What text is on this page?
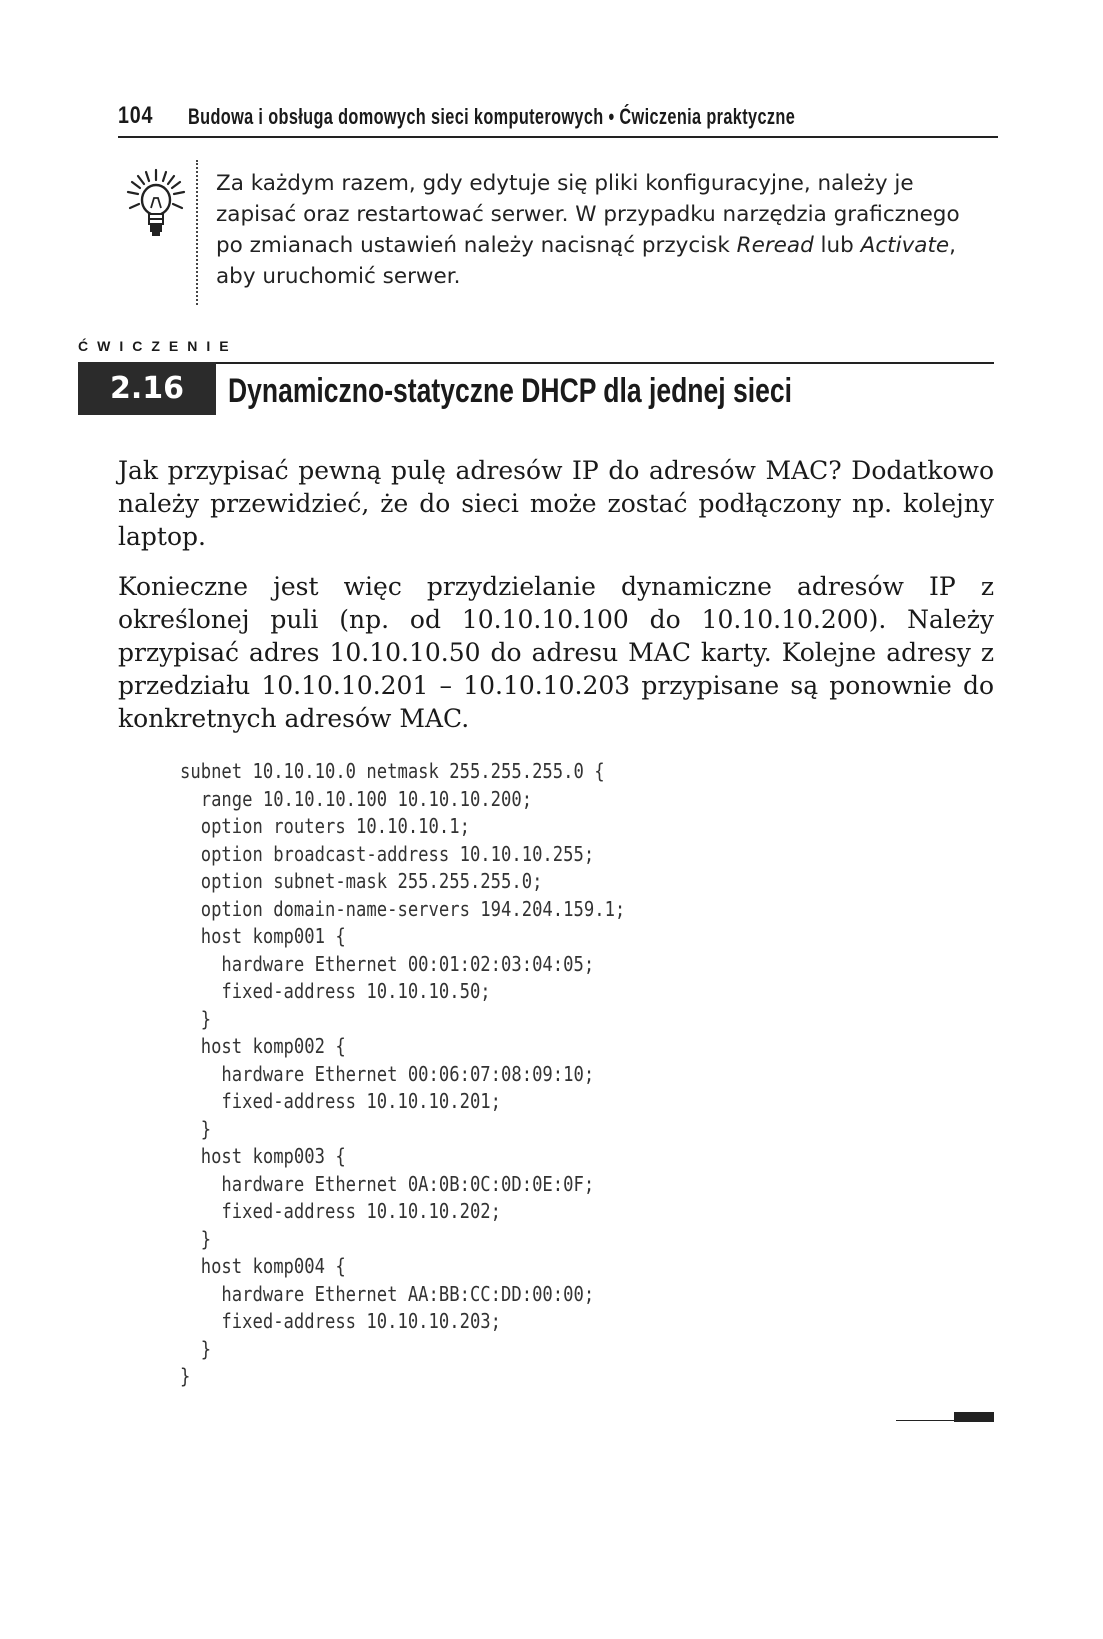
104 Budowa i obsługa domowych sieci komputerowych • Ćwiczenia praktyczne
Za każdym razem, gdy edytuje się pliki konfiguracyjne, należy je zapisać oraz restartować serwer. W przypadku narzędzia graficznego po zmianach ustawień należy nacisnąć przycisk Reread lub Activate, aby uruchomić serwer.
ĆWICZENIE
2.16	Dynamiczno-statyczne DHCP dla jednej sieci

Jak przypisać pewną pulę adresów IP do adresów MAC? Dodatkowo należy przewidzieć, że do sieci może zostać podłączony np. kolejny laptop.

Konieczne jest więc przydzielanie dynamiczne adresów IP z określonej puli (np. od 10.10.10.100 do 10.10.10.200). Należy przypisać adres 10.10.10.50 do adresu MAC karty. Kolejne adresy z przedziału 10.10.10.201 – 10.10.10.203 przypisane są ponownie do konkretnych adresów MAC.

subnet 10.10.10.0 netmask 255.255.255.0 {
range 10.10.10.100 10.10.10.200;
option routers 10.10.10.1;
option broadcast-address 10.10.10.255;
option subnet-mask 255.255.255.0;
option domain-name-servers 194.204.159.1;
host komp001 {
hardware Ethernet 00:01:02:03:04:05;
fixed-address 10.10.10.50;
}
host komp002 {
hardware Ethernet 00:06:07:08:09:10;
fixed-address 10.10.10.201;
}
host komp003 {
hardware Ethernet 0A:0B:0C:0D:0E:0F;
fixed-address 10.10.10.202;
}
host komp004 {
hardware Ethernet AA:BB:CC:DD:00:00;
fixed-address 10.10.10.203;
}
}
